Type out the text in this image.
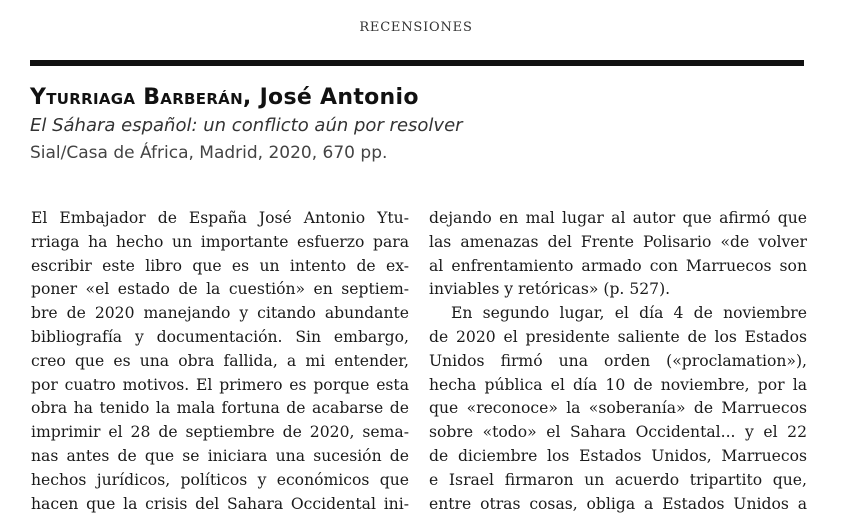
RECENSIONES
Yturriaga Barberán, José Antonio
El Sáhara español: un conflicto aún por resolver
Sial/Casa de África, Madrid, 2020, 670 pp.

El Embajador de España José Antonio Ytu-
rriaga ha hecho un importante esfuerzo para
escribir este libro que es un intento de ex-
poner «el estado de la cuestión» en septiem-
bre de 2020 manejando y citando abundante
bibliografía y documentación. Sin embargo,
creo que es una obra fallida, a mi entender,
por cuatro motivos. El primero es porque esta
obra ha tenido la mala fortuna de acabarse de
imprimir el 28 de septiembre de 2020, sema-
nas antes de que se iniciara una sucesión de
hechos jurídicos, políticos y económicos que
hacen que la crisis del Sahara Occidental ini-

dejando en mal lugar al autor que afirmó que
las amenazas del Frente Polisario «de volver
al enfrentamiento armado con Marruecos son
inviables y retóricas» (p. 527).

En segundo lugar, el día 4 de noviembre
de 2020 el presidente saliente de los Estados
Unidos firmó una orden («proclamation»),
hecha pública el día 10 de noviembre, por la
que «reconoce» la «soberanía» de Marruecos
sobre «todo» el Sahara Occidental... y el 22
de diciembre los Estados Unidos, Marruecos
e Israel firmaron un acuerdo tripartito que,
entre otras cosas, obliga a Estados Unidos a
